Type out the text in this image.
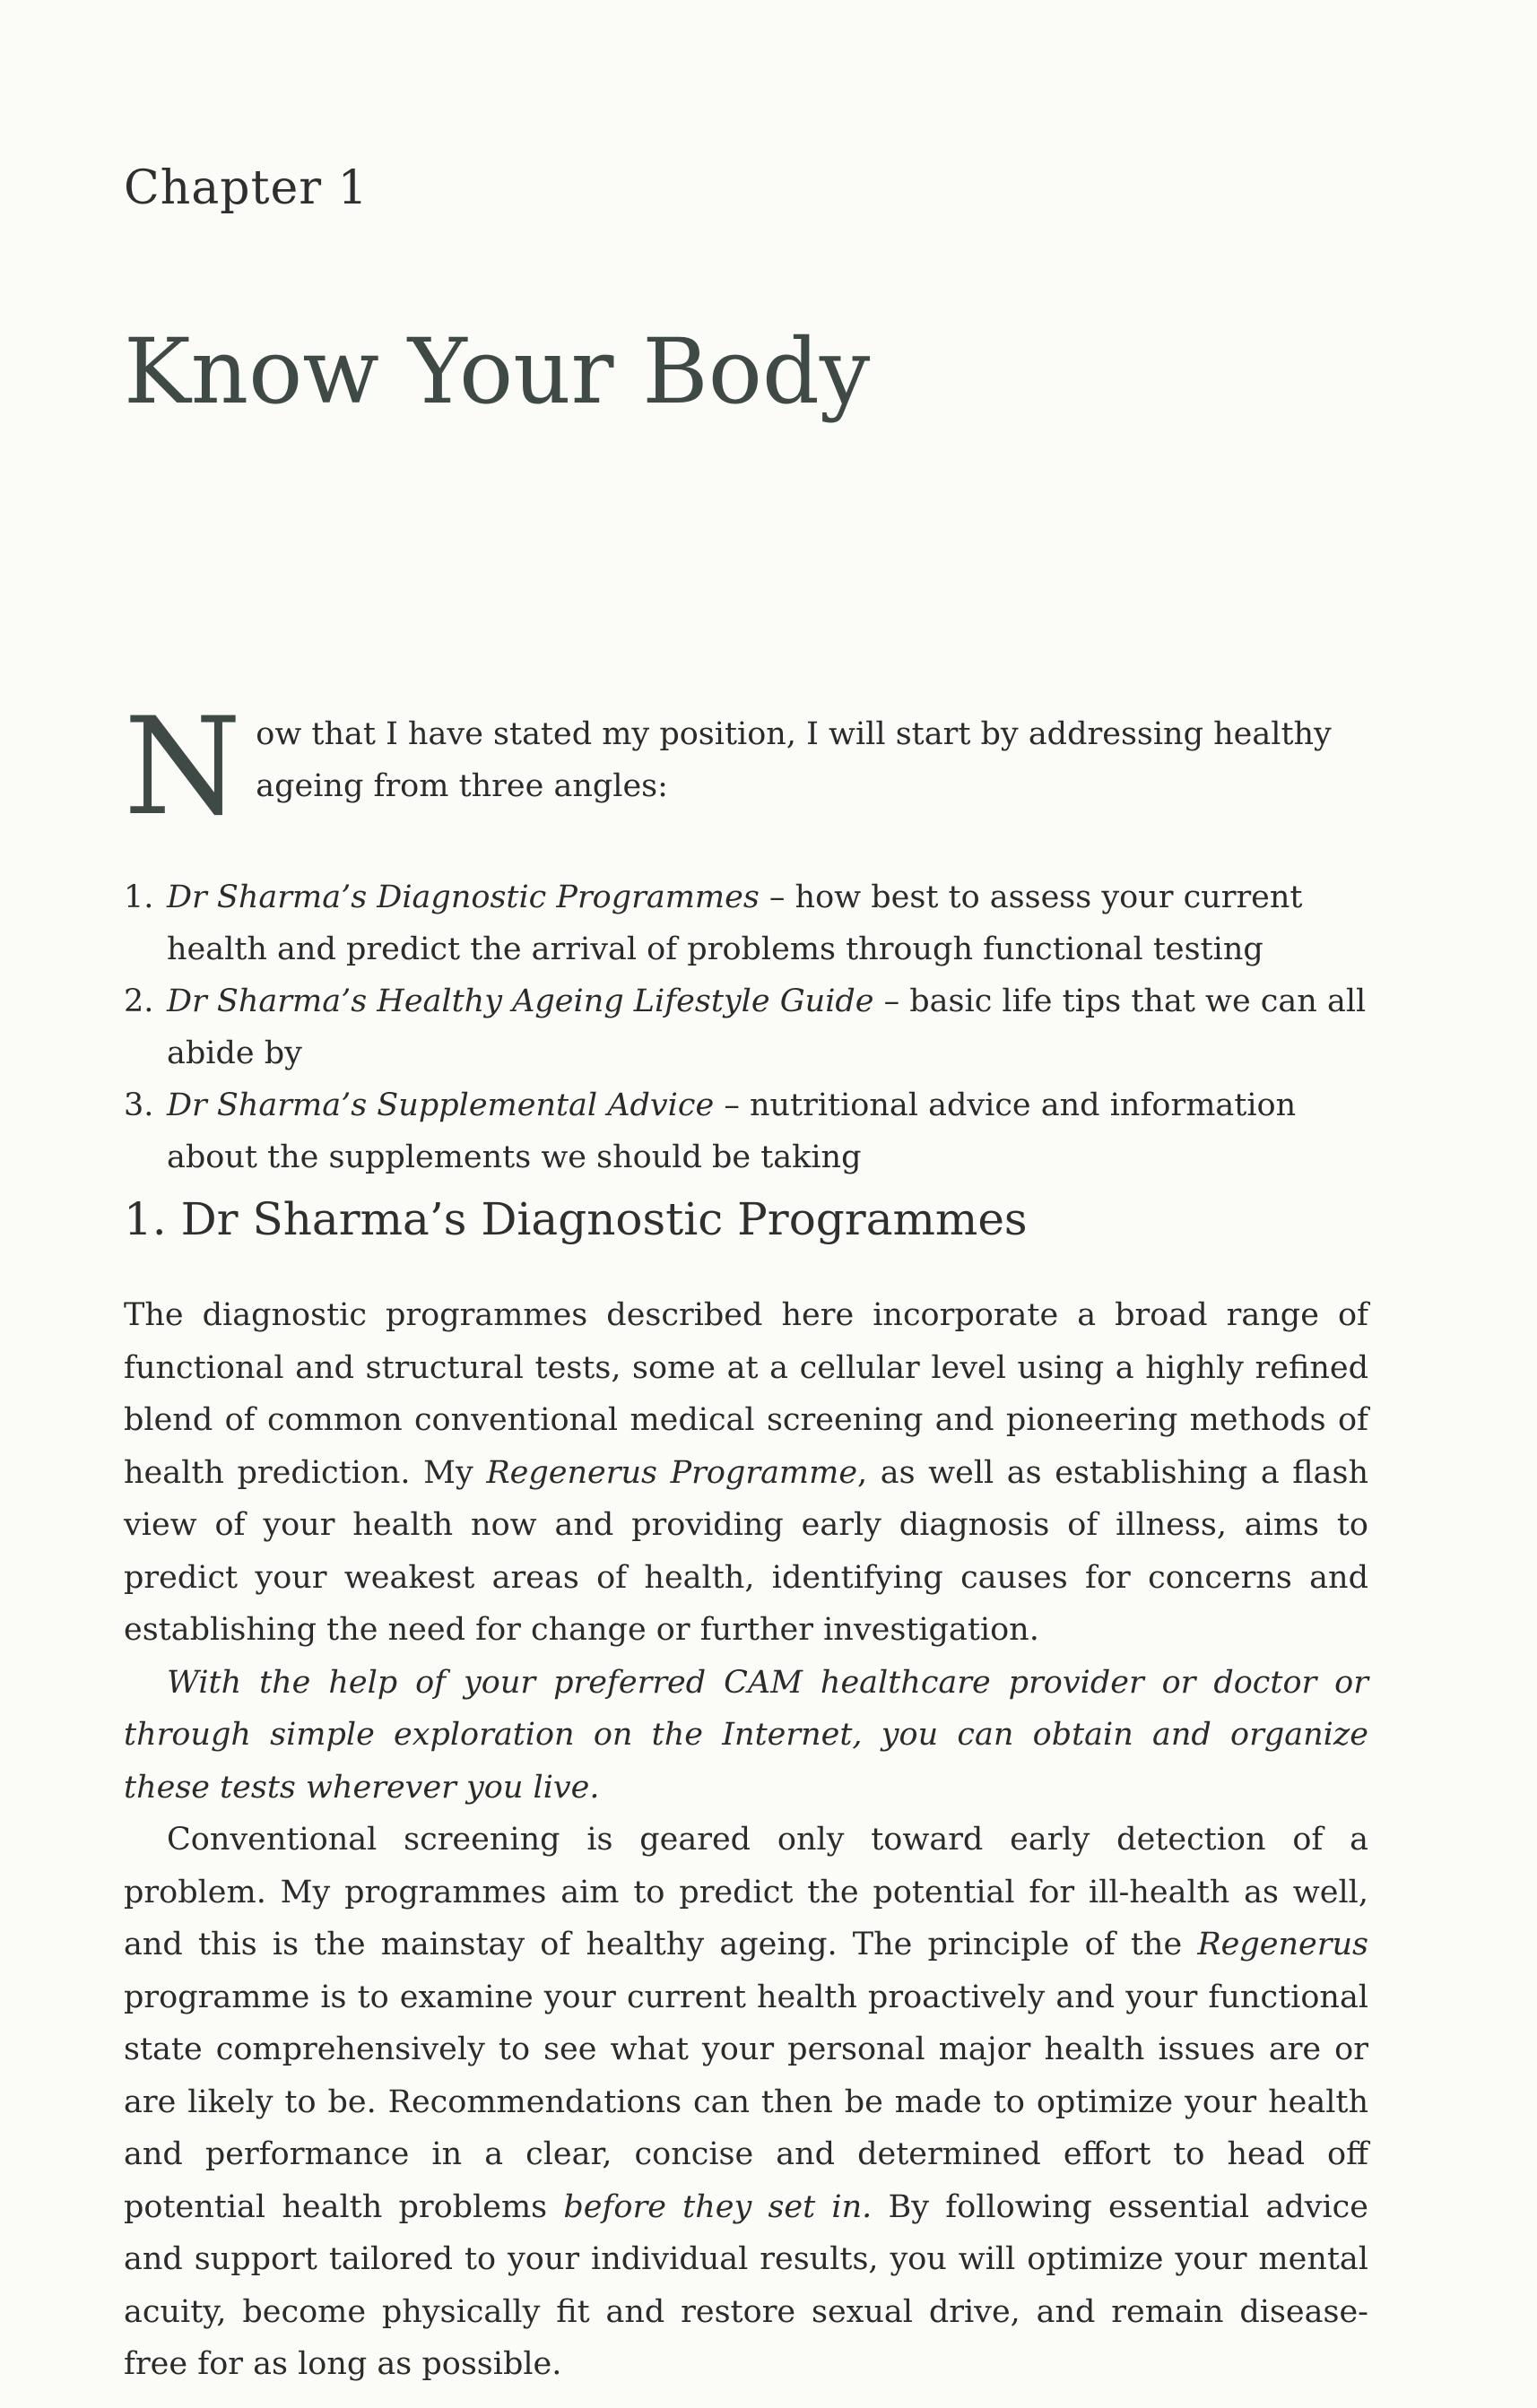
Chapter 1
Know Your Body
N ow that I have stated my position, I will start by addressing healthy ageing from three angles:
1. Dr Sharma’s Diagnostic Programmes – how best to assess your current health and predict the arrival of problems through functional testing
2. Dr Sharma’s Healthy Ageing Lifestyle Guide – basic life tips that we can all abide by
3. Dr Sharma’s Supplemental Advice – nutritional advice and information about the supplements we should be taking
1. Dr Sharma’s Diagnostic Programmes

The diagnostic programmes described here incorporate a broad range of functional and structural tests, some at a cellular level using a highly refined blend of common conventional medical screening and pioneering methods of health prediction. My Regenerus Programme, as well as establishing a flash view of your health now and providing early diagnosis of illness, aims to predict your weakest areas of health, identifying causes for concerns and establishing the need for change or further investigation.

With the help of your preferred CAM healthcare provider or doctor or through simple exploration on the Internet, you can obtain and organize these tests wherever you live.

Conventional screening is geared only toward early detection of a problem. My programmes aim to predict the potential for ill-health as well, and this is the mainstay of healthy ageing. The principle of the Regenerus programme is to examine your current health proactively and your functional state comprehensively to see what your personal major health issues are or are likely to be. Recommendations can then be made to optimize your health and performance in a clear, concise and determined effort to head off potential health problems before they set in. By following essential advice and support tailored to your individual results, you will optimize your mental acuity, become physically fit and restore sexual drive, and remain disease-free for as long as possible.
